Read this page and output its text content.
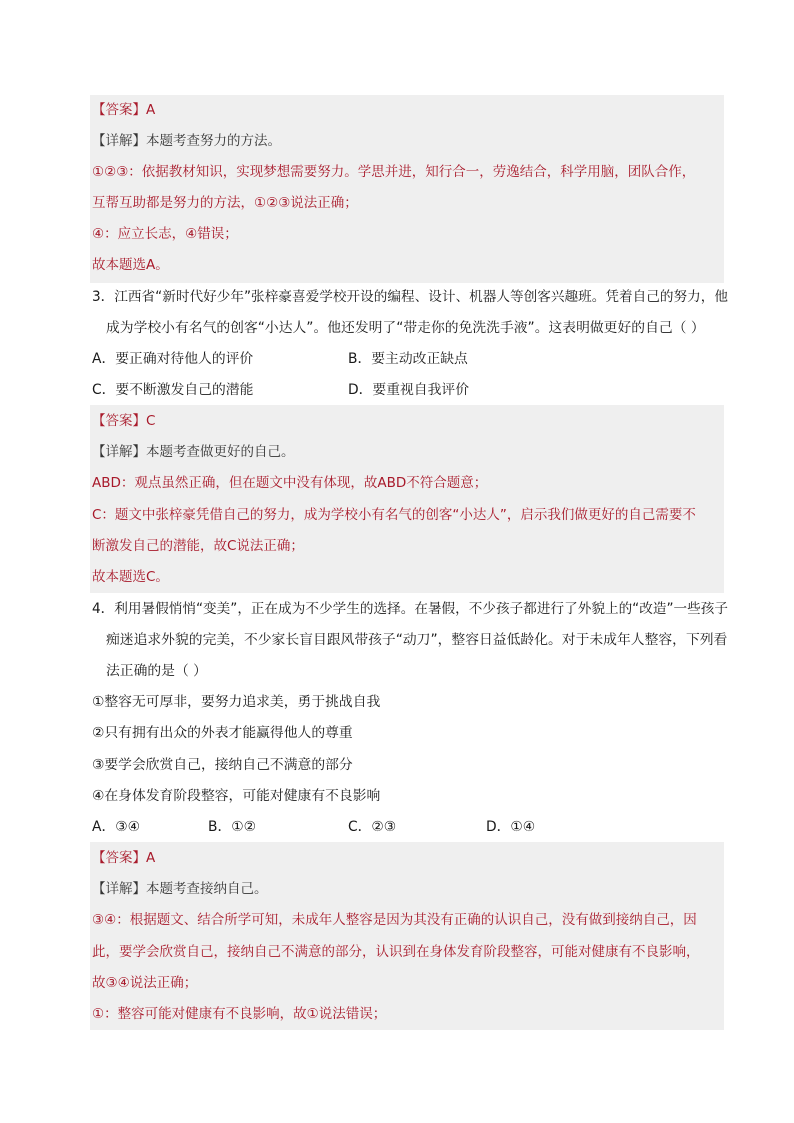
【答案】A
【详解】本题考查努力的方法。
①②③：依据教材知识，实现梦想需要努力。学思并进，知行合一，劳逸结合，科学用脑，团队合作，
互帮互助都是努力的方法，①②③说法正确；
④：应立长志，④错误；
故本题选A。
3．江西省“新时代好少年”张梓豪喜爱学校开设的编程、设计、机器人等创客兴趣班。凭着自己的努力，他
成为学校小有名气的创客“小达人”。他还发明了“带走你的免洗洗手液”。这表明做更好的自己（ ）
A．要正确对待他人的评价	B．要主动改正缺点
C．要不断激发自己的潜能	D．要重视自我评价
【答案】C
【详解】本题考查做更好的自己。
ABD：观点虽然正确，但在题文中没有体现，故ABD不符合题意；
C：题文中张梓豪凭借自己的努力，成为学校小有名气的创客“小达人”，启示我们做更好的自己需要不
断激发自己的潜能，故C说法正确；
故本题选C。
4．利用暑假悄悄“变美”，正在成为不少学生的选择。在暑假，不少孩子都进行了外貌上的“改造”一些孩子
痴迷追求外貌的完美，不少家长盲目跟风带孩子“动刀”，整容日益低龄化。对于未成年人整容，下列看
法正确的是（ ）
①整容无可厚非，要努力追求美，勇于挑战自我
②只有拥有出众的外表才能赢得他人的尊重
③要学会欣赏自己，接纳自己不满意的部分
④在身体发育阶段整容，可能对健康有不良影响
A．③④	B．①②	C．②③	D．①④
【答案】A
【详解】本题考查接纳自己。
③④：根据题文、结合所学可知，未成年人整容是因为其没有正确的认识自己，没有做到接纳自己，因
此，要学会欣赏自己，接纳自己不满意的部分，认识到在身体发育阶段整容，可能对健康有不良影响，
故③④说法正确；
①：整容可能对健康有不良影响，故①说法错误；
